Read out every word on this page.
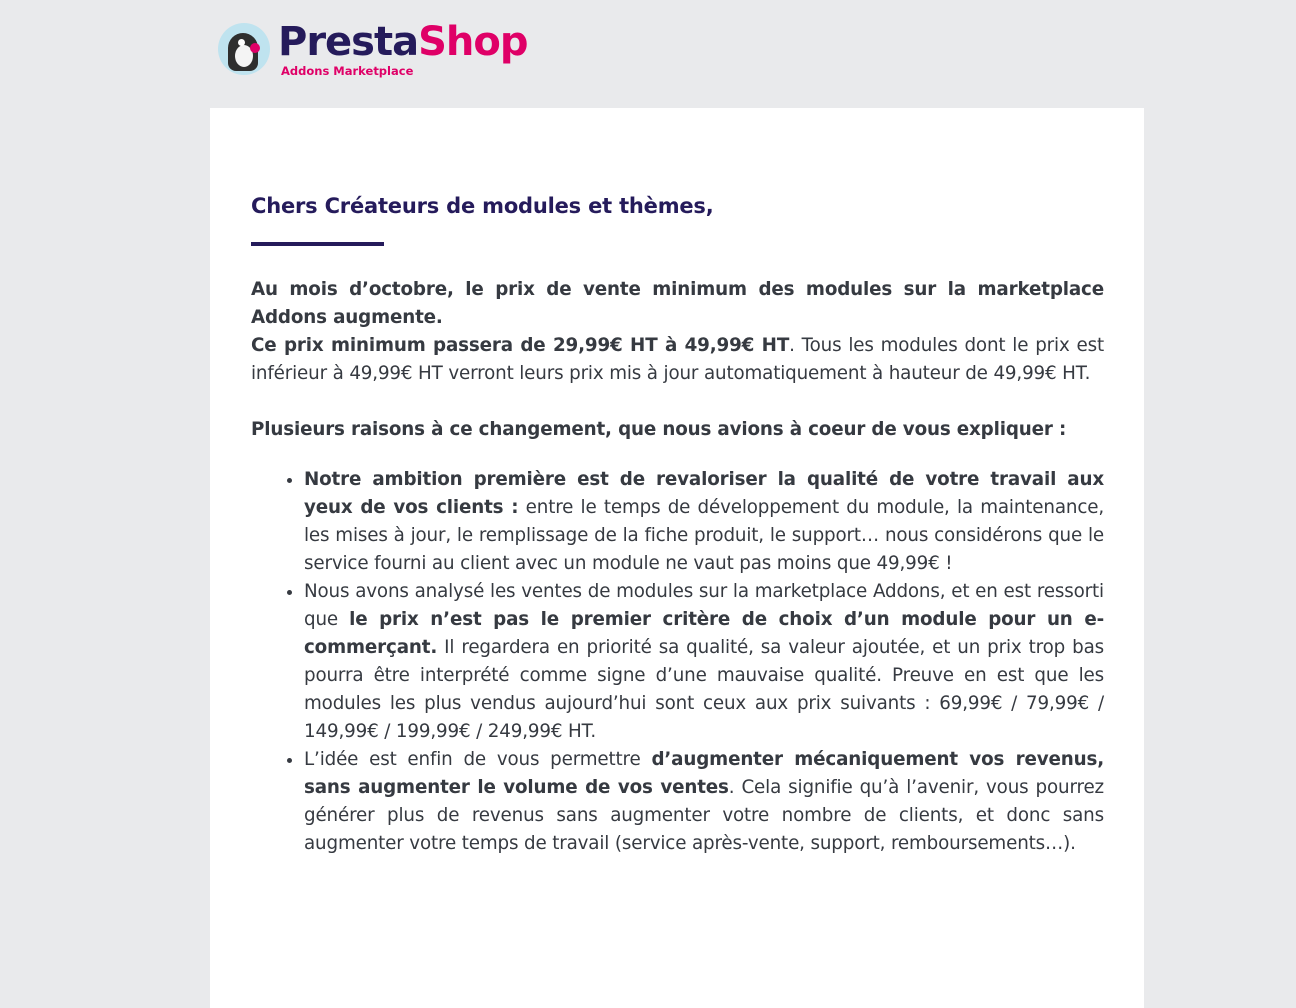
PrestaShop
Addons Marketplace
Chers Créateurs de modules et thèmes,

Au mois d’octobre, le prix de vente minimum des modules sur la marketplace Addons augmente.
Ce prix minimum passera de 29,99€ HT à 49,99€ HT. Tous les modules dont le prix est inférieur à 49,99€ HT verront leurs prix mis à jour automatiquement à hauteur de 49,99€ HT.

Plusieurs raisons à ce changement, que nous avions à coeur de vous expliquer :

• Notre ambition première est de revaloriser la qualité de votre travail aux yeux de vos clients : entre le temps de développement du module, la maintenance, les mises à jour, le remplissage de la fiche produit, le support… nous considérons que le service fourni au client avec un module ne vaut pas moins que 49,99€ !
• Nous avons analysé les ventes de modules sur la marketplace Addons, et en est ressorti que le prix n’est pas le premier critère de choix d’un module pour un e-commerçant. Il regardera en priorité sa qualité, sa valeur ajoutée, et un prix trop bas pourra être interprété comme signe d’une mauvaise qualité. Preuve en est que les modules les plus vendus aujourd’hui sont ceux aux prix suivants : 69,99€ / 79,99€ / 149,99€ / 199,99€ / 249,99€ HT.
• L’idée est enfin de vous permettre d’augmenter mécaniquement vos revenus, sans augmenter le volume de vos ventes. Cela signifie qu’à l’avenir, vous pourrez générer plus de revenus sans augmenter votre nombre de clients, et donc sans augmenter votre temps de travail (service après-vente, support, remboursements…).
